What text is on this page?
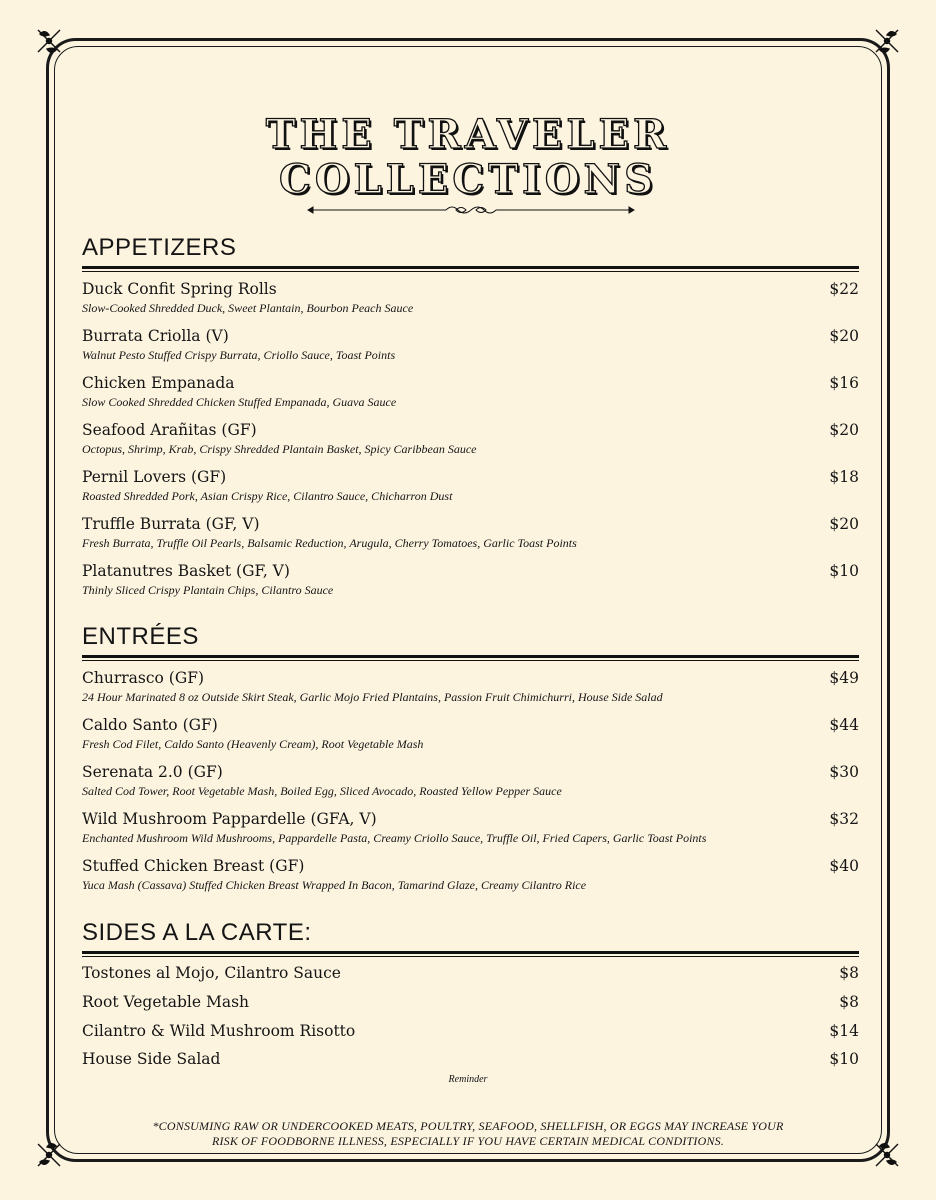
THE TRAVELER
COLLECTIONS
APPETIZERS
Duck Confit Spring Rolls	$22
Slow-Cooked Shredded Duck, Sweet Plantain, Bourbon Peach Sauce
Burrata Criolla (V)	$20
Walnut Pesto Stuffed Crispy Burrata, Criollo Sauce, Toast Points
Chicken Empanada	$16
Slow Cooked Shredded Chicken Stuffed Empanada, Guava Sauce
Seafood Arañitas (GF)	$20
Octopus, Shrimp, Krab, Crispy Shredded Plantain Basket, Spicy Caribbean Sauce
Pernil Lovers (GF)	$18
Roasted Shredded Pork, Asian Crispy Rice, Cilantro Sauce, Chicharron Dust
Truffle Burrata (GF, V)	$20
Fresh Burrata, Truffle Oil Pearls, Balsamic Reduction, Arugula, Cherry Tomatoes, Garlic Toast Points
Platanutres Basket (GF, V)	$10
Thinly Sliced Crispy Plantain Chips, Cilantro Sauce
ENTRÉES
Churrasco (GF)	$49
24 Hour Marinated 8 oz Outside Skirt Steak, Garlic Mojo Fried Plantains, Passion Fruit Chimichurri, House Side Salad
Caldo Santo (GF)	$44
Fresh Cod Filet, Caldo Santo (Heavenly Cream), Root Vegetable Mash
Serenata 2.0 (GF)	$30
Salted Cod Tower, Root Vegetable Mash, Boiled Egg, Sliced Avocado, Roasted Yellow Pepper Sauce
Wild Mushroom Pappardelle (GFA, V)	$32
Enchanted Mushroom Wild Mushrooms, Pappardelle Pasta, Creamy Criollo Sauce, Truffle Oil, Fried Capers, Garlic Toast Points
Stuffed Chicken Breast (GF)	$40
Yuca Mash (Cassava) Stuffed Chicken Breast Wrapped In Bacon, Tamarind Glaze, Creamy Cilantro Rice
SIDES A LA CARTE:
Tostones al Mojo, Cilantro Sauce	$8
Root Vegetable Mash	$8
Cilantro & Wild Mushroom Risotto	$14
House Side Salad	$10
Reminder
*CONSUMING RAW OR UNDERCOOKED MEATS, POULTRY, SEAFOOD, SHELLFISH, OR EGGS MAY INCREASE YOUR
RISK OF FOODBORNE ILLNESS, ESPECIALLY IF YOU HAVE CERTAIN MEDICAL CONDITIONS.
